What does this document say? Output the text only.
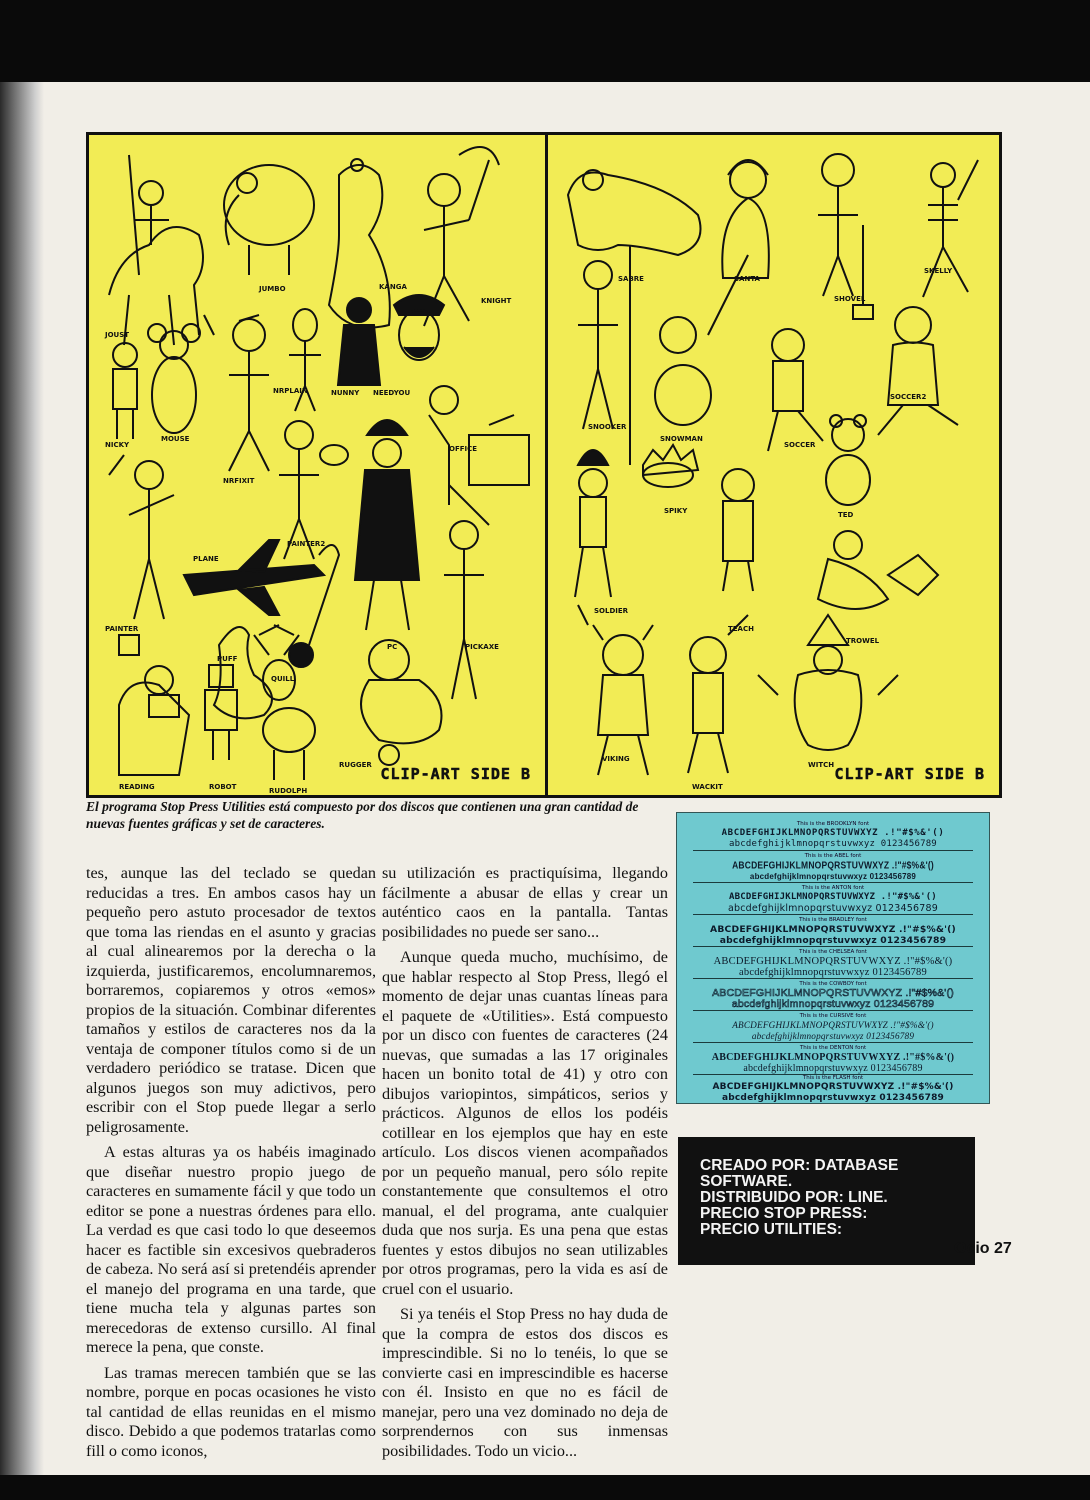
JOUST
JUMBO	KANGA
KNIGHT
NICKY
MOUSE
NRPLAIN	NUNNY NEEDYOU
NRFIXIT
OFFICE
PLANE
PAINTER2
PAINTER
PUFF
QUILL
PC	PICKAXE
READING	ROBOT	RUDOLPH
RUGGER CLIP-ART SIDE B
SABRE	SANTA
SHOVEL
SKELLY
SNOOKER
SNOWMAN
SOCCER
SOCCER2
SPIKY	TED
SOLDIER
TEACH
TROWEL
VIKING
WACKIT
WITCH CLIP-ART SIDE B
El programa Stop Press Utilities está compuesto por dos discos que contienen una gran cantidad de nuevas fuentes gráficas y set de caracteres.

tes, aunque las del teclado se quedan reducidas a tres. En ambos casos hay un pequeño pero astuto procesador de textos que toma las riendas en el asunto y gracias al cual alinearemos por la derecha o la izquierda, justificaremos, encolumnaremos, borraremos, copiaremos y otros «emos» propios de la situación. Combinar diferentes tamaños y estilos de caracteres nos da la ventaja de componer títulos como si de un verdadero periódico se tratase. Dicen que algunos juegos son muy adictivos, pero escribir con el Stop puede llegar a serlo peligrosamente.

A estas alturas ya os habéis imaginado que diseñar nuestro propio juego de caracteres en sumamente fácil y que todo un editor se pone a nuestras órdenes para ello. La verdad es que casi todo lo que deseemos hacer es factible sin excesivos quebraderos de cabeza. No será así si pretendéis aprender el manejo del programa en una tarde, que tiene mucha tela y algunas partes son merecedoras de extenso cursillo. Al final merece la pena, que conste.

Las tramas merecen también que se las nombre, porque en pocas ocasiones he visto tal cantidad de ellas reunidas en el mismo disco. Debido a que podemos tratarlas como fill o como iconos,

su utilización es practiquísima, llegando fácilmente a abusar de ellas y crear un auténtico caos en la pantalla. Tantas posibilidades no puede ser sano...

Aunque queda mucho, muchísimo, de que hablar respecto al Stop Press, llegó el momento de dejar unas cuantas líneas para el paquete de «Utilities». Está compuesto por un disco con fuentes de caracteres (24 nuevas, que sumadas a las 17 originales hacen un bonito total de 41) y otro con dibujos variopintos, simpáticos, serios y prácticos. Algunos de ellos los podéis cotillear en los ejemplos que hay en este artículo. Los discos vienen acompañados por un pequeño manual, pero sólo repite constantemente que consultemos el otro manual, el del programa, ante cualquier duda que nos surja. Es una pena que estas fuentes y estos dibujos no sean utilizables por otros programas, pero la vida es así de cruel con el usuario.

Si ya tenéis el Stop Press no hay duda de que la compra de estos dos discos es imprescindible. Si no lo tenéis, lo que se convierte casi en imprescindible es hacerse con él. Insisto en que no es fácil de manejar, pero una vez dominado no deja de sorprendernos con sus inmensas posibilidades. Todo un vicio...

This is the BROOKLYN font
ABCDEFGHIJKLMNOPQRSTUVWXYZ .!"#$%&'()
abcdefghijklmnopqrstuvwxyz 0123456789
This is the ABEL font
ABCDEFGHIJKLMNOPQRSTUVWXYZ .!"#$%&'()
abcdefghijklmnopqrstuvwxyz 0123456789
This is the ANTON font
ABCDEFGHIJKLMNOPQRSTUVWXYZ .!"#$%&'()
abcdefghijklmnopqrstuvwxyz 0123456789
This is the BRADLEY font
ABCDEFGHIJKLMNOPQRSTUVWXYZ .!"#$%&'()
abcdefghijklmnopqrstuvwxyz 0123456789
This is the CHELSEA font
ABCDEFGHIJKLMNOPQRSTUVWXYZ .!"#$%&'()
abcdefghijklmnopqrstuvwxyz 0123456789
This is the COWBOY font
ABCDEFGHIJKLMNOPQRSTUVWXYZ .!"#$%&'()
abcdefghijklmnopqrstuvwxyz 0123456789
This is the CURSIVE font
ABCDEFGHIJKLMNOPQRSTUVWXYZ .!"#$%&'()
abcdefghijklmnopqrstuvwxyz 0123456789
This is the DENTON font
ABCDEFGHIJKLMNOPQRSTUVWXYZ .!"#$%&'()
abcdefghijklmnopqrstuvwxyz 0123456789
This is the FLASH font
ABCDEFGHIJKLMNOPQRSTUVWXYZ .!"#$%&'()
abcdefghijklmnopqrstuvwxyz 0123456789
CREADO POR: DATABASE
SOFTWARE.
DISTRIBUIDO POR: LINE.
PRECIO STOP PRESS:
PRECIO UTILITIES:
Ocio 27
